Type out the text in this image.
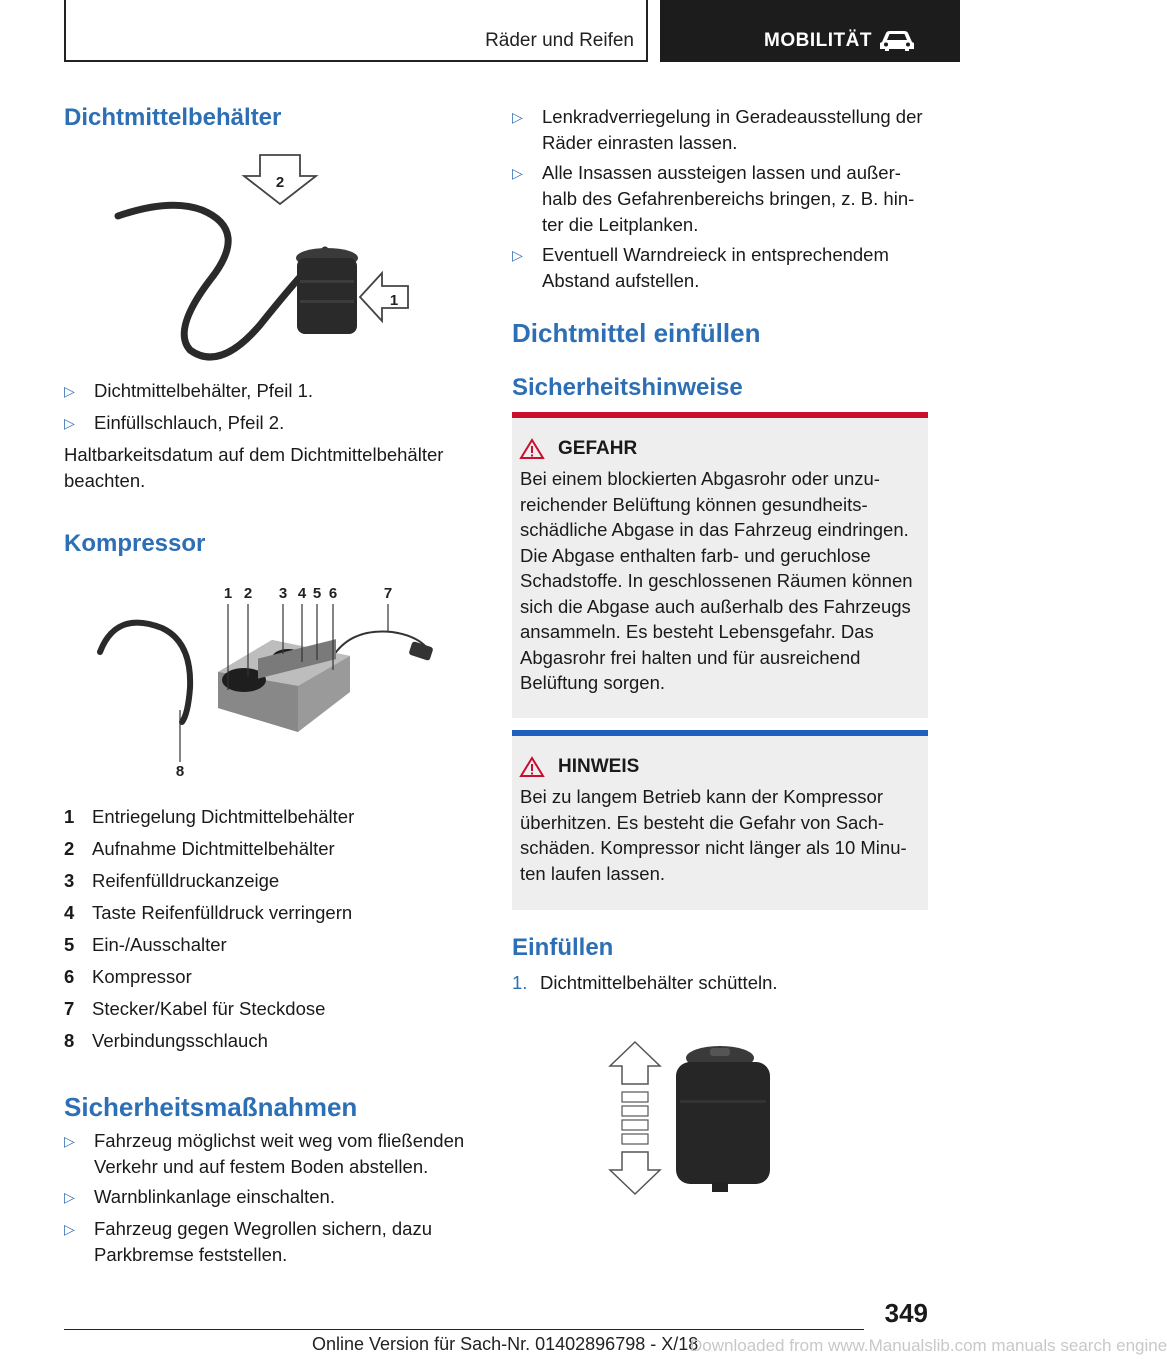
Räder und Reifen	MOBILITÄT
Dichtmittelbehälter
2
1
▷	Dichtmittelbehälter, Pfeil 1.
▷	Einfüllschlauch, Pfeil 2.
Haltbarkeitsdatum auf dem Dichtmittelbehälter beachten.
Kompressor
1 2 3 4 5 6	7
8
1 Entriegelung Dichtmittelbehälter
2 Aufnahme Dichtmittelbehälter
3 Reifenfülldruckanzeige
4 Taste Reifenfülldruck verringern
5 Ein-/Ausschalter
6 Kompressor
7 Stecker/Kabel für Steckdose
8 Verbindungsschlauch
Sicherheitsmaßnahmen
▷	Fahrzeug möglichst weit weg vom fließenden Verkehr und auf festem Boden abstellen.
▷	Warnblinkanlage einschalten.
▷	Fahrzeug gegen Wegrollen sichern, dazu Parkbremse feststellen.
▷	Lenkradverriegelung in Geradeausstellung der Räder einrasten lassen.
▷	Alle Insassen aussteigen lassen und außerhalb des Gefahrenbereichs bringen, z. B. hinter die Leitplanken.
▷	Eventuell Warndreieck in entsprechendem Abstand aufstellen.
Dichtmittel einfüllen
Sicherheitshinweise
GEFAHR
Bei einem blockierten Abgasrohr oder unzureichender Belüftung können gesundheitsschädliche Abgase in das Fahrzeug eindringen. Die Abgase enthalten farb- und geruchlose Schadstoffe. In geschlossenen Räumen können sich die Abgase auch außerhalb des Fahrzeugs ansammeln. Es besteht Lebensgefahr. Das Abgasrohr frei halten und für ausreichend Belüftung sorgen.
HINWEIS
Bei zu langem Betrieb kann der Kompressor überhitzen. Es besteht die Gefahr von Sachschäden. Kompressor nicht länger als 10 Minuten laufen lassen.
Einfüllen
1. Dichtmittelbehälter schütteln.
349
Online Version für Sach-Nr. 01402896798 - X/18
Downloaded from www.Manualslib.com manuals search engine
